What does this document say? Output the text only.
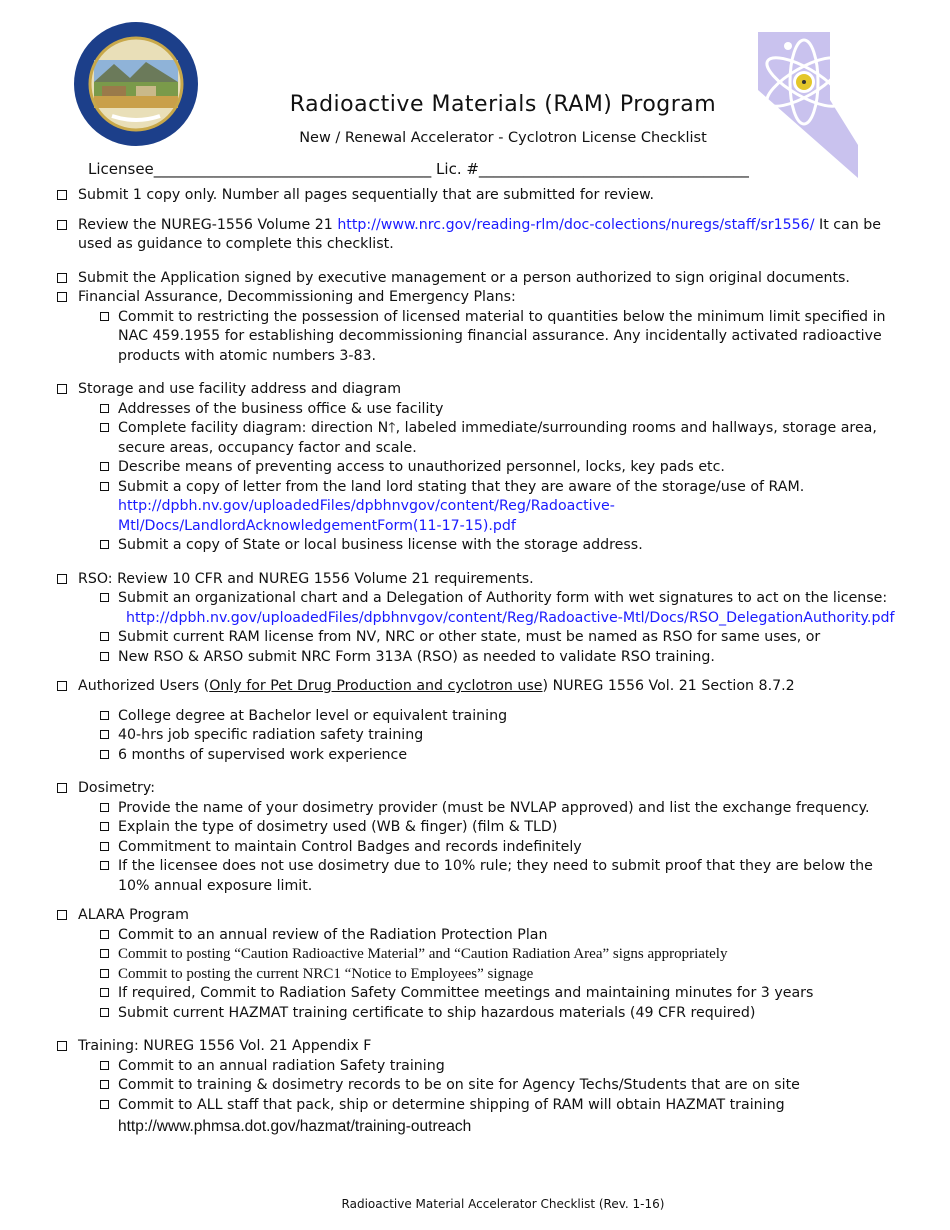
Radioactive Materials (RAM) Program
New / Renewal Accelerator - Cyclotron License Checklist
Licensee_____________________________________ Lic. #____________________________________
Submit 1 copy only. Number all pages sequentially that are submitted for review.
Review the NUREG-1556 Volume 21 http://www.nrc.gov/reading-rlm/doc-colections/nuregs/staff/sr1556/ It can be used as guidance to complete this checklist.
Submit the Application signed by executive management or a person authorized to sign original documents.
Financial Assurance, Decommissioning and Emergency Plans:
Commit to restricting the possession of licensed material to quantities below the minimum limit specified in NAC 459.1955 for establishing decommissioning financial assurance. Any incidentally activated radioactive products with atomic numbers 3-83.
Storage and use facility address and diagram
Addresses of the business office & use facility
Complete facility diagram: direction N🡑, labeled immediate/surrounding rooms and hallways, storage area, secure areas, occupancy factor and scale.
Describe means of preventing access to unauthorized personnel, locks, key pads etc.
Submit a copy of letter from the land lord stating that they are aware of the storage/use of RAM.
http://dpbh.nv.gov/uploadedFiles/dpbhnvgov/content/Reg/Radoactive-Mtl/Docs/LandlordAcknowledgementForm(11-17-15).pdf
Submit a copy of State or local business license with the storage address.
RSO: Review 10 CFR and NUREG 1556 Volume 21 requirements.
Submit an organizational chart and a Delegation of Authority form with wet signatures to act on the license:
http://dpbh.nv.gov/uploadedFiles/dpbhnvgov/content/Reg/Radoactive-Mtl/Docs/RSO_DelegationAuthority.pdf
Submit current RAM license from NV, NRC or other state, must be named as RSO for same uses, or
New RSO & ARSO submit NRC Form 313A (RSO) as needed to validate RSO training.
Authorized Users (Only for Pet Drug Production and cyclotron use) NUREG 1556 Vol. 21 Section 8.7.2
College degree at Bachelor level or equivalent training
40-hrs job specific radiation safety training
6 months of supervised work experience
Dosimetry:
Provide the name of your dosimetry provider (must be NVLAP approved) and list the exchange frequency.
Explain the type of dosimetry used (WB & finger) (film & TLD)
Commitment to maintain Control Badges and records indefinitely
If the licensee does not use dosimetry due to 10% rule; they need to submit proof that they are below the 10% annual exposure limit.
ALARA Program
Commit to an annual review of the Radiation Protection Plan
Commit to posting “Caution Radioactive Material” and “Caution Radiation Area” signs appropriately
Commit to posting the current NRC1 “Notice to Employees” signage
If required, Commit to Radiation Safety Committee meetings and maintaining minutes for 3 years
Submit current HAZMAT training certificate to ship hazardous materials (49 CFR required)
Training: NUREG 1556 Vol. 21 Appendix F
Commit to an annual radiation Safety training
Commit to training & dosimetry records to be on site for Agency Techs/Students that are on site
Commit to ALL staff that pack, ship or determine shipping of RAM will obtain HAZMAT training
http://www.phmsa.dot.gov/hazmat/training-outreach
Radioactive Material Accelerator Checklist (Rev. 1-16)
